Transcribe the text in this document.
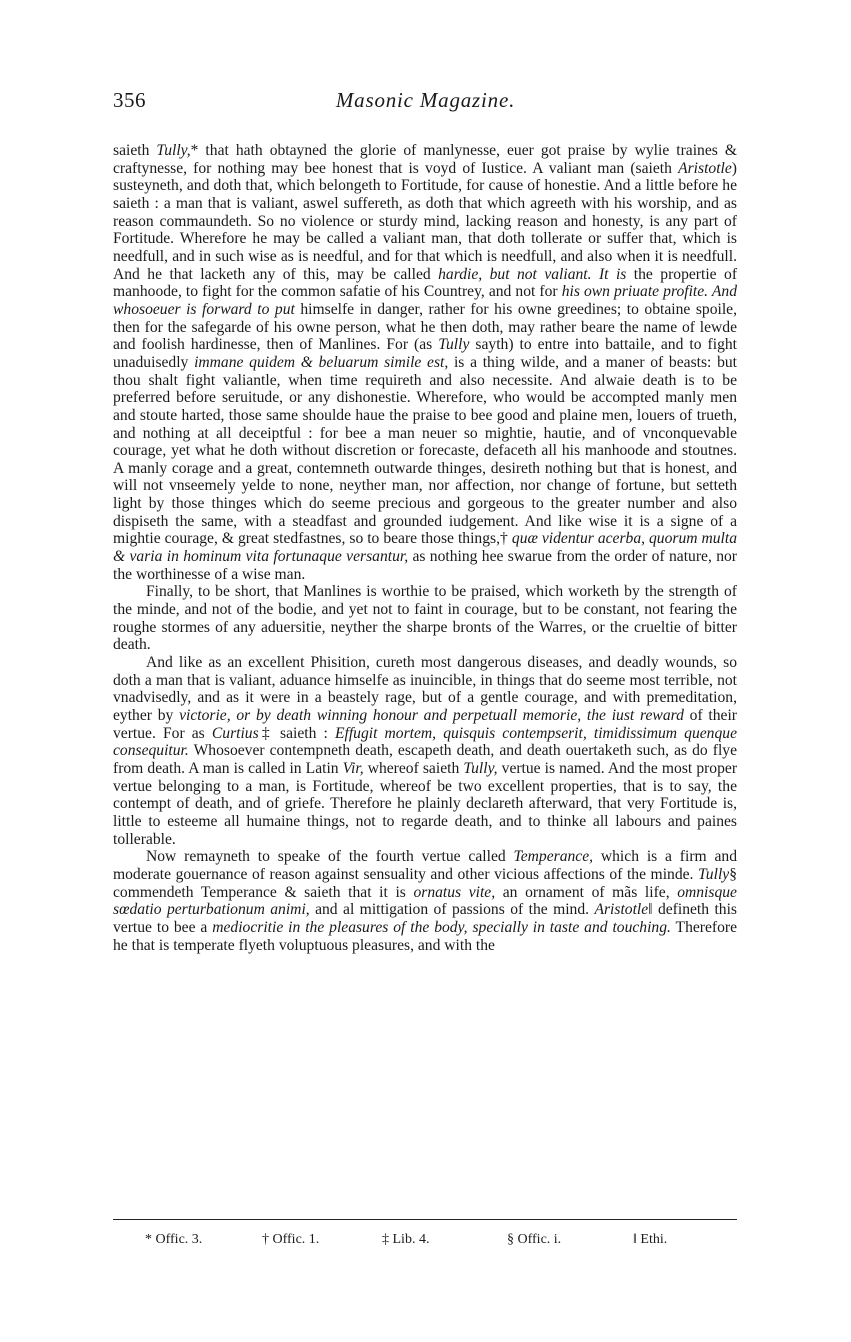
356	Masonic Magazine.

saieth Tully,* that hath obtayned the glorie of manlynesse, euer got praise by wylie traines & craftynesse, for nothing may bee honest that is voyd of Iustice. A valiant man (saieth Aristotle) susteyneth, and doth that, which belongeth to Fortitude, for cause of honestie. And a little before he saieth : a man that is valiant, aswel suffereth, as doth that which agreeth with his worship, and as reason commaundeth. So no violence or sturdy mind, lacking reason and honesty, is any part of Fortitude. Wherefore he may be called a valiant man, that doth tollerate or suffer that, which is needfull, and in such wise as is needful, and for that which is needfull, and also when it is needfull. And he that lacketh any of this, may be called hardie, but not valiant. It is the propertie of manhoode, to fight for the common safatie of his Countrey, and not for his own priuate profite. And whosoeuer is forward to put himselfe in danger, rather for his owne greedines; to obtaine spoile, then for the safegarde of his owne person, what he then doth, may rather beare the name of lewde and foolish hardinesse, then of Manlines. For (as Tully sayth) to entre into battaile, and to fight unaduisedly immane quidem & beluarum simile est, is a thing wilde, and a maner of beasts: but thou shalt fight valiantle, when time requireth and also necessite. And alwaie death is to be preferred before seruitude, or any dishonestie. Wherefore, who would be accompted manly men and stoute harted, those same shoulde haue the praise to bee good and plaine men, louers of trueth, and nothing at all deceiptful : for bee a man neuer so mightie, hautie, and of vnconquevable courage, yet what he doth without discretion or forecaste, defaceth all his manhoode and stoutnes. A manly corage and a great, contemneth outwarde thinges, desireth nothing but that is honest, and will not vnseemely yelde to none, neyther man, nor affection, nor change of fortune, but setteth light by those thinges which do seeme precious and gorgeous to the greater number and also dispiseth the same, with a steadfast and grounded iudgement. And like wise it is a signe of a mightie courage, & great stedfastnes, so to beare those things,† quæ videntur acerba, quorum multa & varia in hominum vita fortunaque versantur, as nothing hee swarue from the order of nature, nor the worthinesse of a wise man.

Finally, to be short, that Manlines is worthie to be praised, which worketh by the strength of the minde, and not of the bodie, and yet not to faint in courage, but to be constant, not fearing the roughe stormes of any aduersitie, neyther the sharpe bronts of the Warres, or the crueltie of bitter death.

And like as an excellent Phisition, cureth most dangerous diseases, and deadly wounds, so doth a man that is valiant, aduance himselfe as inuincible, in things that do seeme most terrible, not vnadvisedly, and as it were in a beastely rage, but of a gentle courage, and with premeditation, eyther by victorie, or by death winning honour and perpetuall memorie, the iust reward of their vertue. For as Curtius‡ saieth : Effugit mortem, quisquis contempserit, timidissimum quenque consequitur. Whosoever contempneth death, escapeth death, and death ouertaketh such, as do flye from death. A man is called in Latin Vir, whereof saieth Tully, vertue is named. And the most proper vertue belonging to a man, is Fortitude, whereof be two excellent properties, that is to say, the contempt of death, and of griefe. Therefore he plainly declareth afterward, that very Fortitude is, little to esteeme all humaine things, not to regarde death, and to thinke all labours and paines tollerable.

Now remayneth to speake of the fourth vertue called Temperance, which is a firm and moderate gouernance of reason against sensuality and other vicious affections of the minde. Tully§ commendeth Temperance & saieth that it is ornatus vite, an ornament of mãs life, omnisque sœdatio perturbationum animi, and al mittigation of passions of the mind. Aristotle‖ defineth this vertue to bee a mediocritie in the pleasures of the body, specially in taste and touching. Therefore he that is temperate flyeth voluptuous pleasures, and with the

* Offic. 3.	† Offic. 1.	‡ Lib. 4.	§ Offic. i.	‖ Ethi.
